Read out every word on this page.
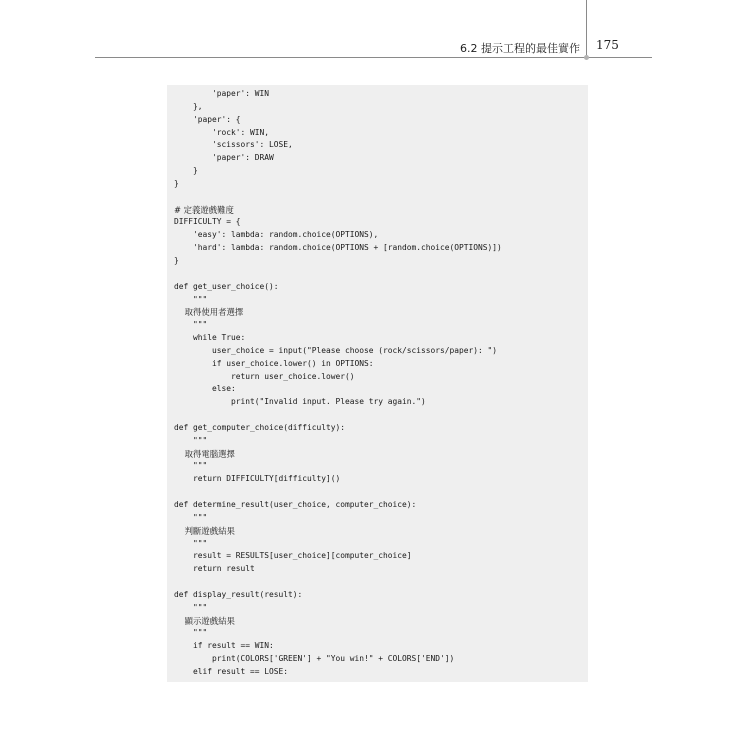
6.2 提示工程的最佳實作 175
'paper': WIN
},
'paper': {
'rock': WIN,
'scissors': LOSE,
'paper': DRAW
}
}
# 定義遊戲難度
DIFFICULTY = {
'easy': lambda: random.choice(OPTIONS),
'hard': lambda: random.choice(OPTIONS + [random.choice(OPTIONS)])
}
def get_user_choice():
"""
取得使用者選擇
"""
while True:
user_choice = input("Please choose (rock/scissors/paper): ")
if user_choice.lower() in OPTIONS:
return user_choice.lower()
else:
print("Invalid input. Please try again.")
def get_computer_choice(difficulty):
"""
取得電腦選擇
"""
return DIFFICULTY[difficulty]()
def determine_result(user_choice, computer_choice):
"""
判斷遊戲結果
"""
result = RESULTS[user_choice][computer_choice]
return result
def display_result(result):
"""
顯示遊戲結果
"""
if result == WIN:
print(COLORS['GREEN'] + "You win!" + COLORS['END'])
elif result == LOSE:
